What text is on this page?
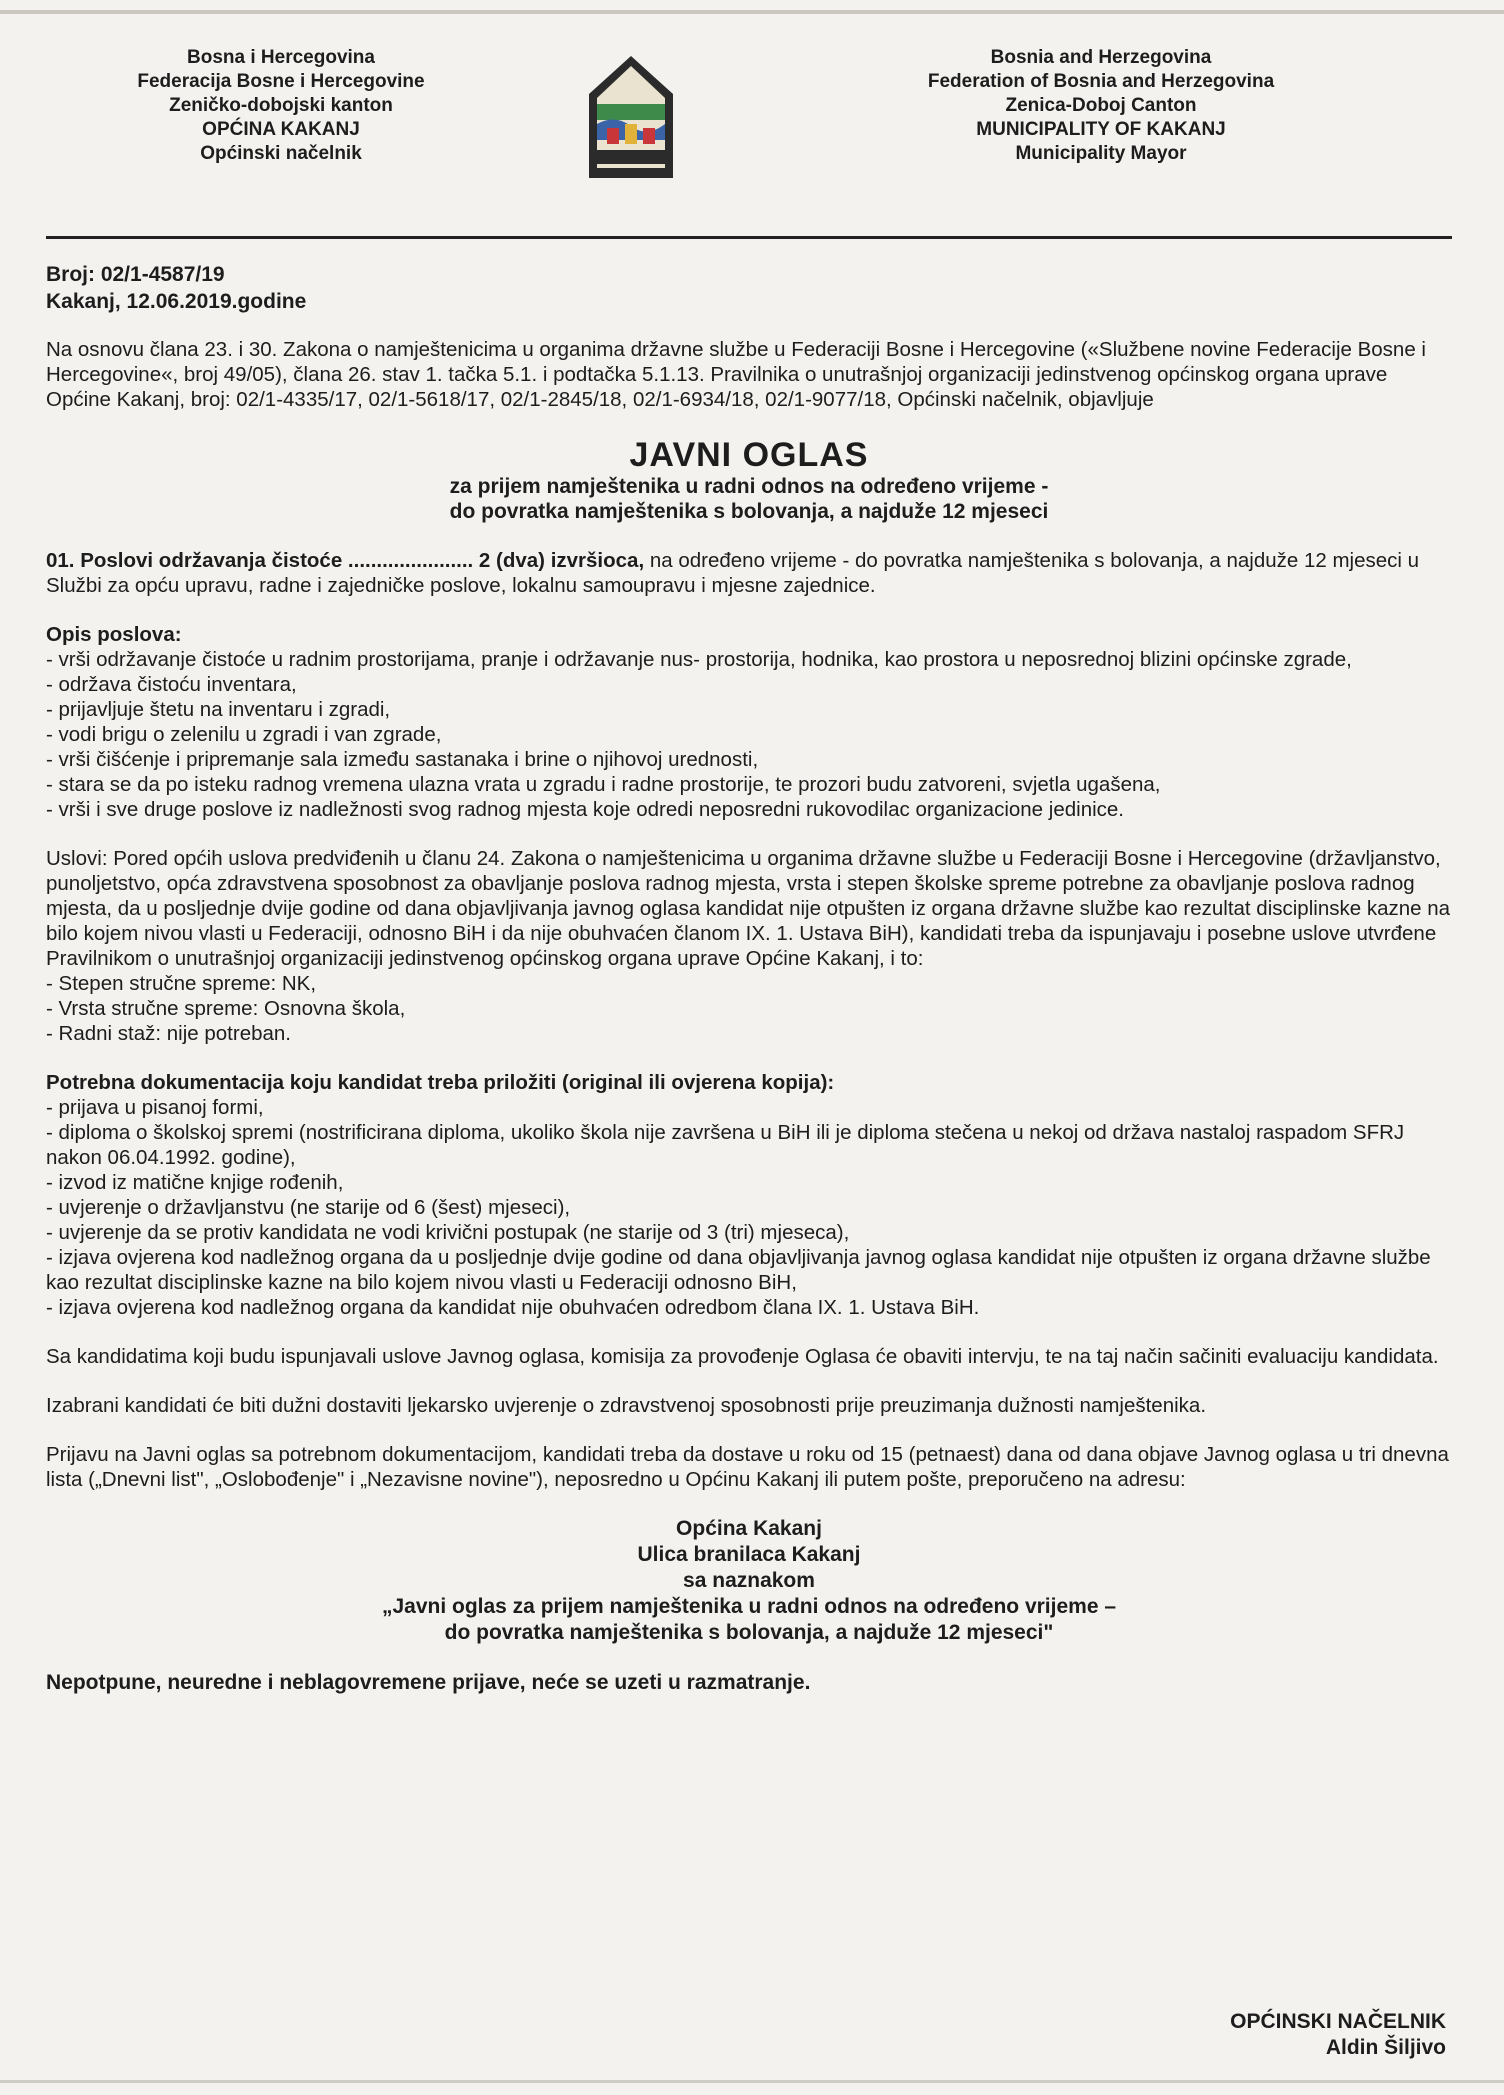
Bosna i Hercegovina
Federacija Bosne i Hercegovine
Zeničko-dobojski kanton
OPĆINA KAKANJ
Općinski načelnik
Bosnia and Herzegovina
Federation of Bosnia and Herzegovina
Zenica-Doboj Canton
MUNICIPALITY OF KAKANJ
Municipality Mayor
Broj: 02/1-4587/19
Kakanj, 12.06.2019.godine

Na osnovu člana 23. i 30. Zakona o namještenicima u organima državne službe u Federaciji Bosne i Hercegovine («Službene novine Federacije Bosne i Hercegovine«, broj 49/05), člana 26. stav 1. tačka 5.1. i podtačka 5.1.13. Pravilnika o unutrašnjoj organizaciji jedinstvenog općinskog organa uprave Općine Kakanj, broj: 02/1-4335/17, 02/1-5618/17, 02/1-2845/18, 02/1-6934/18, 02/1-9077/18, Općinski načelnik, objavljuje

JAVNI OGLAS
za prijem namještenika u radni odnos na određeno vrijeme -
do povratka namještenika s bolovanja, a najduže 12 mjeseci

01. Poslovi održavanja čistoće ...................... 2 (dva) izvršioca, na određeno vrijeme - do povratka namještenika s bolovanja, a najduže 12 mjeseci u Službi za opću upravu, radne i zajedničke poslove, lokalnu samoupravu i mjesne zajednice.

Opis poslova:
- vrši održavanje čistoće u radnim prostorijama, pranje i održavanje nus- prostorija, hodnika, kao prostora u neposrednoj blizini općinske zgrade,
- održava čistoću inventara,
- prijavljuje štetu na inventaru i zgradi,
- vodi brigu o zelenilu u zgradi i van zgrade,
- vrši čišćenje i pripremanje sala između sastanaka i brine o njihovoj urednosti,
- stara se da po isteku radnog vremena ulazna vrata u zgradu i radne prostorije, te prozori budu zatvoreni, svjetla ugašena,
- vrši i sve druge poslove iz nadležnosti svog radnog mjesta koje odredi neposredni rukovodilac organizacione jedinice.
Uslovi: Pored općih uslova predviđenih u članu 24. Zakona o namještenicima u organima državne službe u Federaciji Bosne i Hercegovine (državljanstvo, punoljetstvo, opća zdravstvena sposobnost za obavljanje poslova radnog mjesta, vrsta i stepen školske spreme potrebne za obavljanje poslova radnog mjesta, da u posljednje dvije godine od dana objavljivanja javnog oglasa kandidat nije otpušten iz organa državne službe kao rezultat disciplinske kazne na bilo kojem nivou vlasti u Federaciji, odnosno BiH i da nije obuhvaćen članom IX. 1. Ustava BiH), kandidati treba da ispunjavaju i posebne uslove utvrđene Pravilnikom o unutrašnjoj organizaciji jedinstvenog općinskog organa uprave Općine Kakanj, i to:
- Stepen stručne spreme: NK,
- Vrsta stručne spreme: Osnovna škola,
- Radni staž: nije potreban.
Potrebna dokumentacija koju kandidat treba priložiti (original ili ovjerena kopija):
- prijava u pisanoj formi,
- diploma o školskoj spremi (nostrificirana diploma, ukoliko škola nije završena u BiH ili je diploma stečena u nekoj od država nastaloj raspadom SFRJ nakon 06.04.1992. godine),
- izvod iz matične knjige rođenih,
- uvjerenje o državljanstvu (ne starije od 6 (šest) mjeseci),
- uvjerenje da se protiv kandidata ne vodi krivični postupak (ne starije od 3 (tri) mjeseca),
- izjava ovjerena kod nadležnog organa da u posljednje dvije godine od dana objavljivanja javnog oglasa kandidat nije otpušten iz organa državne službe kao rezultat disciplinske kazne na bilo kojem nivou vlasti u Federaciji odnosno BiH,
- izjava ovjerena kod nadležnog organa da kandidat nije obuhvaćen odredbom člana IX. 1. Ustava BiH.

Sa kandidatima koji budu ispunjavali uslove Javnog oglasa, komisija za provođenje Oglasa će obaviti intervju, te na taj način sačiniti evaluaciju kandidata.

Izabrani kandidati će biti dužni dostaviti ljekarsko uvjerenje o zdravstvenoj sposobnosti prije preuzimanja dužnosti namještenika.

Prijavu na Javni oglas sa potrebnom dokumentacijom, kandidati treba da dostave u roku od 15 (petnaest) dana od dana objave Javnog oglasa u tri dnevna lista („Dnevni list", „Oslobođenje" i „Nezavisne novine"), neposredno u Općinu Kakanj ili putem pošte, preporučeno na adresu:

Općina Kakanj
Ulica branilaca Kakanj
sa naznakom
„Javni oglas za prijem namještenika u radni odnos na određeno vrijeme –
do povratka namještenika s bolovanja, a najduže 12 mjeseci"
Nepotpune, neuredne i neblagovremene prijave, neće se uzeti u razmatranje.
OPĆINSKI NAČELNIK
Aldin Šiljivo
